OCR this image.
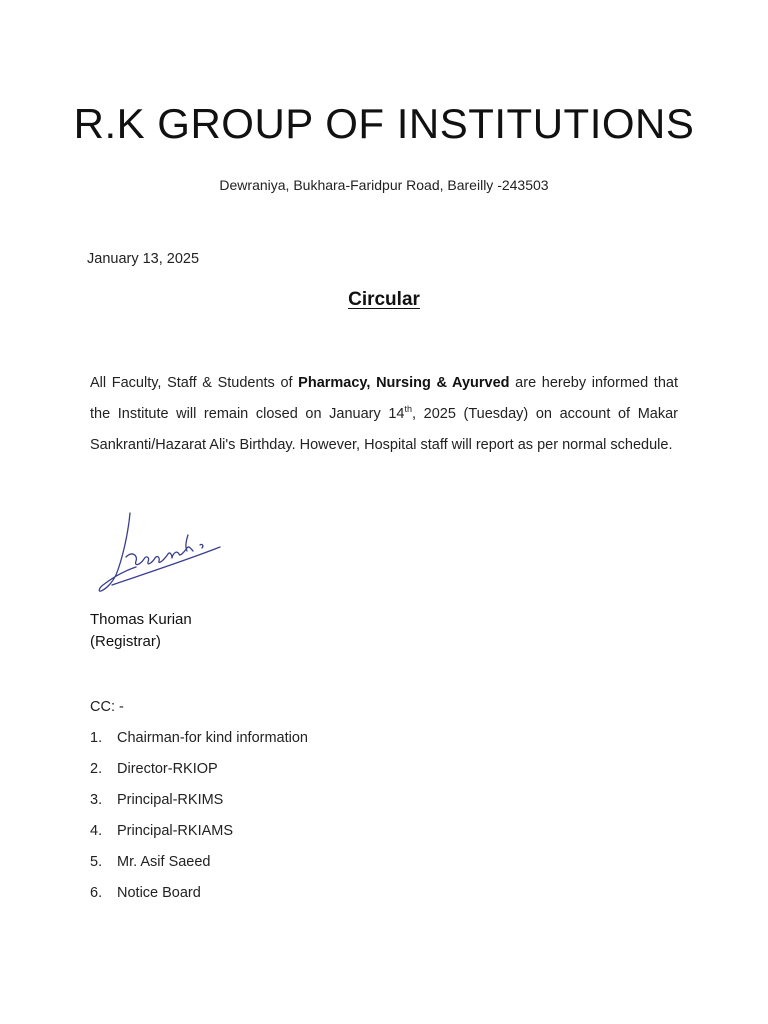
R.K GROUP OF INSTITUTIONS
Dewraniya, Bukhara-Faridpur Road, Bareilly -243503
January 13, 2025
Circular

All Faculty, Staff & Students of Pharmacy, Nursing & Ayurved are hereby informed that the Institute will remain closed on January 14th, 2025 (Tuesday) on account of Makar Sankranti/Hazarat Ali's Birthday. However, Hospital staff will report as per normal schedule.

Thomas Kurian
(Registrar)
CC: -
1.	Chairman-for kind information
2.	Director-RKIOP
3.	Principal-RKIMS
4.	Principal-RKIAMS
5.	Mr. Asif Saeed
6.	Notice Board
